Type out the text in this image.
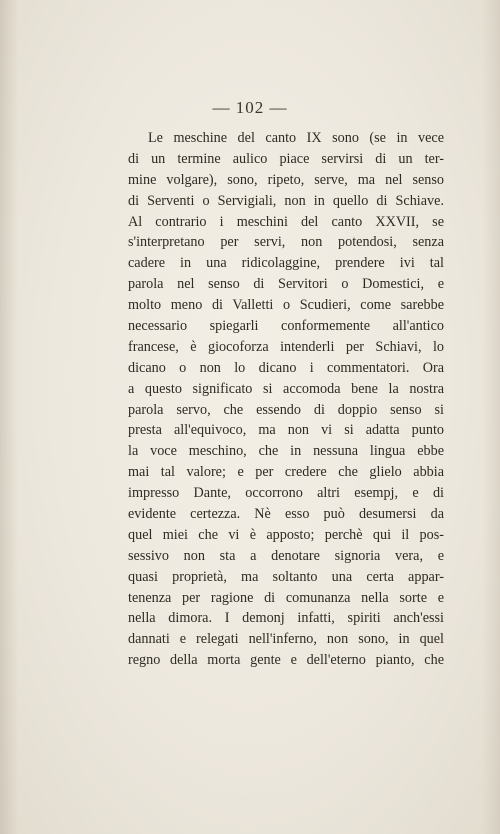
— 102 —
Le meschine del canto IX sono (se in vece
di un termine aulico piace servirsi di un ter-
mine volgare), sono, ripeto, serve, ma nel senso
di Serventi o Servigiali, non in quello di Schiave.
Al contrario i meschini del canto XXVII, se
s'interpretano per servi, non potendosi, senza
cadere in una ridicolaggine, prendere ivi tal
parola nel senso di Servitori o Domestici, e
molto meno di Valletti o Scudieri, come sarebbe
necessario spiegarli conformemente all'antico
francese, è giocoforza intenderli per Schiavi, lo
dicano o non lo dicano i commentatori. Ora
a questo significato si accomoda bene la nostra
parola servo, che essendo di doppio senso si
presta all'equivoco, ma non vi si adatta punto
la voce meschino, che in nessuna lingua ebbe
mai tal valore; e per credere che glielo abbia
impresso Dante, occorrono altri esempj, e di
evidente certezza. Nè esso può desumersi da
quel miei che vi è apposto; perchè qui il pos-
sessivo non sta a denotare signoria vera, e
quasi proprietà, ma soltanto una certa appar-
tenenza per ragione di comunanza nella sorte e
nella dimora. I demonj infatti, spiriti anch'essi
dannati e relegati nell'inferno, non sono, in quel
regno della morta gente e dell'eterno pianto, che
